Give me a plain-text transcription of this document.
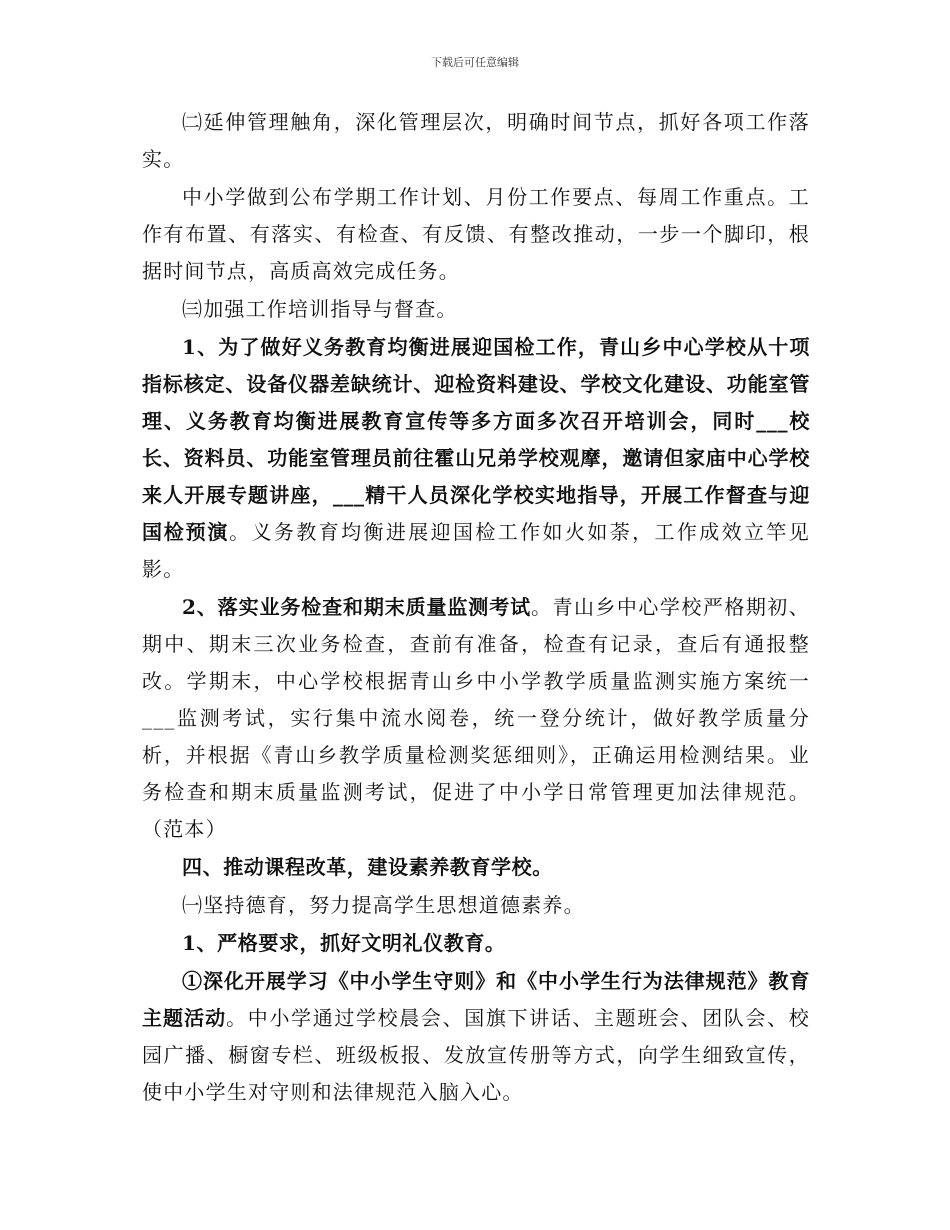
下载后可任意编辑

㈡延伸管理触角，深化管理层次，明确时间节点，抓好各项工作落实。

中小学做到公布学期工作计划、月份工作要点、每周工作重点。工作有布置、有落实、有检查、有反馈、有整改推动，一步一个脚印，根据时间节点，高质高效完成任务。

㈢加强工作培训指导与督查。

1、为了做好义务教育均衡进展迎国检工作，青山乡中心学校从十项指标核定、设备仪器差缺统计、迎检资料建设、学校文化建设、功能室管理、义务教育均衡进展教育宣传等多方面多次召开培训会，同时___校长、资料员、功能室管理员前往霍山兄弟学校观摩，邀请但家庙中心学校来人开展专题讲座，___精干人员深化学校实地指导，开展工作督查与迎国检预演。义务教育均衡进展迎国检工作如火如荼，工作成效立竿见影。

2、落实业务检查和期末质量监测考试。青山乡中心学校严格期初、期中、期末三次业务检查，查前有准备，检查有记录，查后有通报整改。学期末，中心学校根据青山乡中小学教学质量监测实施方案统一___监测考试，实行集中流水阅卷，统一登分统计，做好教学质量分析，并根据《青山乡教学质量检测奖惩细则》，正确运用检测结果。业务检查和期末质量监测考试，促进了中小学日常管理更加法律规范。（范本）

四、推动课程改革，建设素养教育学校。

㈠坚持德育，努力提高学生思想道德素养。

1、严格要求，抓好文明礼仪教育。

①深化开展学习《中小学生守则》和《中小学生行为法律规范》教育主题活动。中小学通过学校晨会、国旗下讲话、主题班会、团队会、校园广播、橱窗专栏、班级板报、发放宣传册等方式，向学生细致宣传，使中小学生对守则和法律规范入脑入心。
